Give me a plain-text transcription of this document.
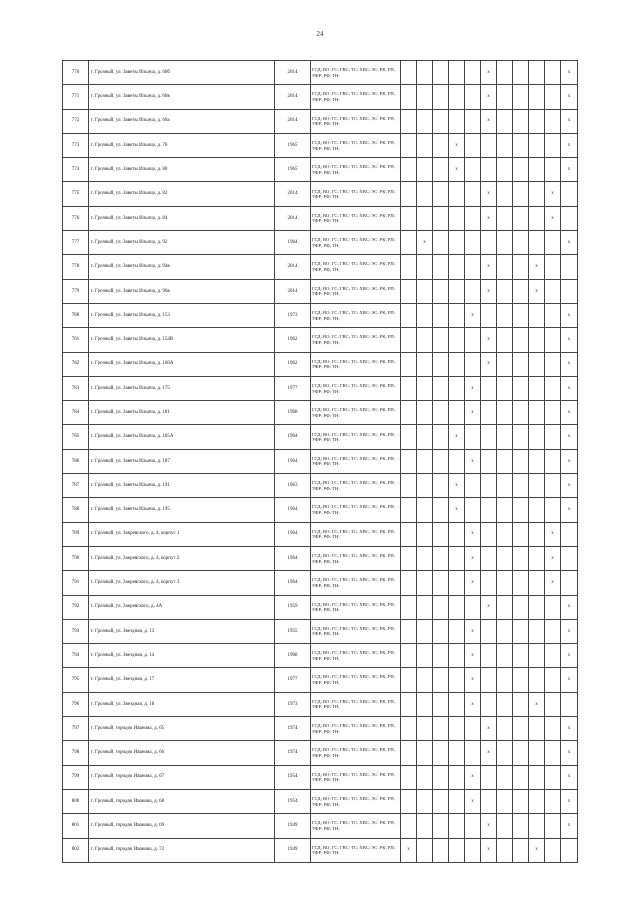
24
770	г. Грозный, ул. Заветы Ильича, д. 60б	2014	ГСД; ВО; ГС; ГВС; ТС; ХВС; ЭС; РК; РП; УФР; РФ; ТН;						x					x
771	г. Грозный, ул. Заветы Ильича, д. 60в	2014	ГСД; ВО; ГС; ГВС; ТС; ХВС; ЭС; РК; РП; УФР; РФ; ТН;						x					x
772	г. Грозный, ул. Заветы Ильича, д. 60а	2014	ГСД; ВО; ГС; ГВС; ТС; ХВС; ЭС; РК; РП; УФР; РФ; ТН;						x					x
773	г. Грозный, ул. Заветы Ильича, д. 76	1965	ГСД; ВО; ГС; ГВС; ТС; ХВС; ЭС; РК; РП; УФР; РФ; ТН;				x							x
774	г. Грозный, ул. Заветы Ильича, д. 80	1965	ГСД; ВО; ГС; ГВС; ТС; ХВС; ЭС; РК; РП; УФР; РФ; ТН;				x							x
775	г. Грозный, ул. Заветы Ильича, д. 82	2014	ГСД; ВО; ГС; ГВС; ТС; ХВС; ЭС; РК; РП; УФР; РФ; ТН;						x				x	
776	г. Грозный, ул. Заветы Ильича, д. 84	2014	ГСД; ВО; ГС; ГВС; ТС; ХВС; ЭС; РК; РП; УФР; РФ; ТН;						x				x	
777	г. Грозный, ул. Заветы Ильича, д. 92	1964	ГСД; ВО; ГС; ГВС; ТС; ХВС; ЭС; РК; РП; УФР; РФ; ТН;		x									x
778	г. Грозный, ул. Заветы Ильича, д. 94в	2014	ГСД; ВО; ГС; ГВС; ТС; ХВС; ЭС; РК; РП; УФР; РФ; ТН;						x			x		
779	г. Грозный, ул. Заветы Ильича, д. 96в	2014	ГСД; ВО; ГС; ГВС; ТС; ХВС; ЭС; РК; РП; УФР; РФ; ТН;						x			x		
780	г. Грозный, ул. Заветы Ильича, д. 153	1973	ГСД; ВО; ГС; ГВС; ТС; ХВС; ЭС; РК; РП; УФР; РФ; ТН;					x						x
781	г. Грозный, ул. Заветы Ильича, д. 154В	1962	ГСД; ВО; ГС; ГВС; ТС; ХВС; ЭС; РК; РП; УФР; РФ; ТН;						x					x
782	г. Грозный, ул. Заветы Ильича, д. 160А	1962	ГСД; ВО; ГС; ГВС; ТС; ХВС; ЭС; РК; РП; УФР; РФ; ТН;						x					x
783	г. Грозный, ул. Заветы Ильича, д. 175	1977	ГСД; ВО; ГС; ГВС; ТС; ХВС; ЭС; РК; РП; УФР; РФ; ТН;					x						x
784	г. Грозный, ул. Заветы Ильича, д. 181	1968	ГСД; ВО; ГС; ГВС; ТС; ХВС; ЭС; РК; РП; УФР; РФ; ТН;					x						x
785	г. Грозный, ул. Заветы Ильича, д. 185А	1964	ГСД; ВО; ГС; ГВС; ТС; ХВС; ЭС; РК; РП; УФР; РФ; ТН;				x							x
786	г. Грозный, ул. Заветы Ильича, д. 187	1964	ГСД; ВО; ГС; ГВС; ТС; ХВС; ЭС; РК; РП; УФР; РФ; ТН;					x						x
787	г. Грозный, ул. Заветы Ильича, д. 191	1963	ГСД; ВО; ГС; ГВС; ТС; ХВС; ЭС; РК; РП; УФР; РФ; ТН;				x							x
788	г. Грозный, ул. Заветы Ильича, д. 195	1964	ГСД; ВО; ГС; ГВС; ТС; ХВС; ЭС; РК; РП; УФР; РФ; ТН;				x							x
789	г. Грозный, ул. Закревского, д. 4, корпус 1	1964	ГСД; ВО; ГС; ГВС; ТС; ХВС; ЭС; РК; РП; УФР; РФ; ТН;					x					x	
790	г. Грозный, ул. Закревского, д. 4, корпус 2	1964	ГСД; ВО; ГС; ГВС; ТС; ХВС; ЭС; РК; РП; УФР; РФ; ТН;					x					x	
791	г. Грозный, ул. Закревского, д. 4, корпус 3	1964	ГСД; ВО; ГС; ГВС; ТС; ХВС; ЭС; РК; РП; УФР; РФ; ТН;					x					x	
792	г. Грозный, ул. Закревского, д. 4А	1959	ГСД; ВО; ГС; ГВС; ТС; ХВС; ЭС; РК; РП; УФР; РФ; ТН;						x					x
793	г. Грозный, ул. Звездная, д. 13	1955	ГСД; ВО; ГС; ГВС; ТС; ХВС; ЭС; РК; РП; УФР; РФ; ТН;					x						x
794	г. Грозный, ул. Звездная, д. 14	1968	ГСД; ВО; ГС; ГВС; ТС; ХВС; ЭС; РК; РП; УФР; РФ; ТН;					x						x
795	г. Грозный, ул. Звездная, д. 17	1977	ГСД; ВО; ГС; ГВС; ТС; ХВС; ЭС; РК; РП; УФР; РФ; ТН;					x						x
796	г. Грозный, ул. Звездная, д. 18	1973	ГСД; ВО; ГС; ГВС; ТС; ХВС; ЭС; РК; РП; УФР; РФ; ТН;					x				x		
797	г. Грозный, городок Иванова, д. 65	1974	ГСД; ВО; ГС; ГВС; ТС; ХВС; ЭС; РК; РП; УФР; РФ; ТН;						x					x
798	г. Грозный, городок Иванова, д. 66	1974	ГСД; ВО; ГС; ГВС; ТС; ХВС; ЭС; РК; РП; УФР; РФ; ТН;						x					x
799	г. Грозный, городок Иванова, д. 67	1954	ГСД; ВО; ГС; ГВС; ТС; ХВС; ЭС; РК; РП; УФР; РФ; ТН;					x						x
800	г. Грозный, городок Иванова, д. 68	1954	ГСД; ВО; ГС; ГВС; ТС; ХВС; ЭС; РК; РП; УФР; РФ; ТН;					x						x
801	г. Грозный, городок Иванова, д. 69	1949	ГСД; ВО; ГС; ГВС; ТС; ХВС; ЭС; РК; РП; УФР; РФ; ТН;						x					x
802	г. Грозный, городок Иванова, д. 72	1949	ГСД; ВО; ГС; ГВС; ТС; ХВС; ЭС; РК; РП; УФР; РФ; ТН;	x					x			x		
